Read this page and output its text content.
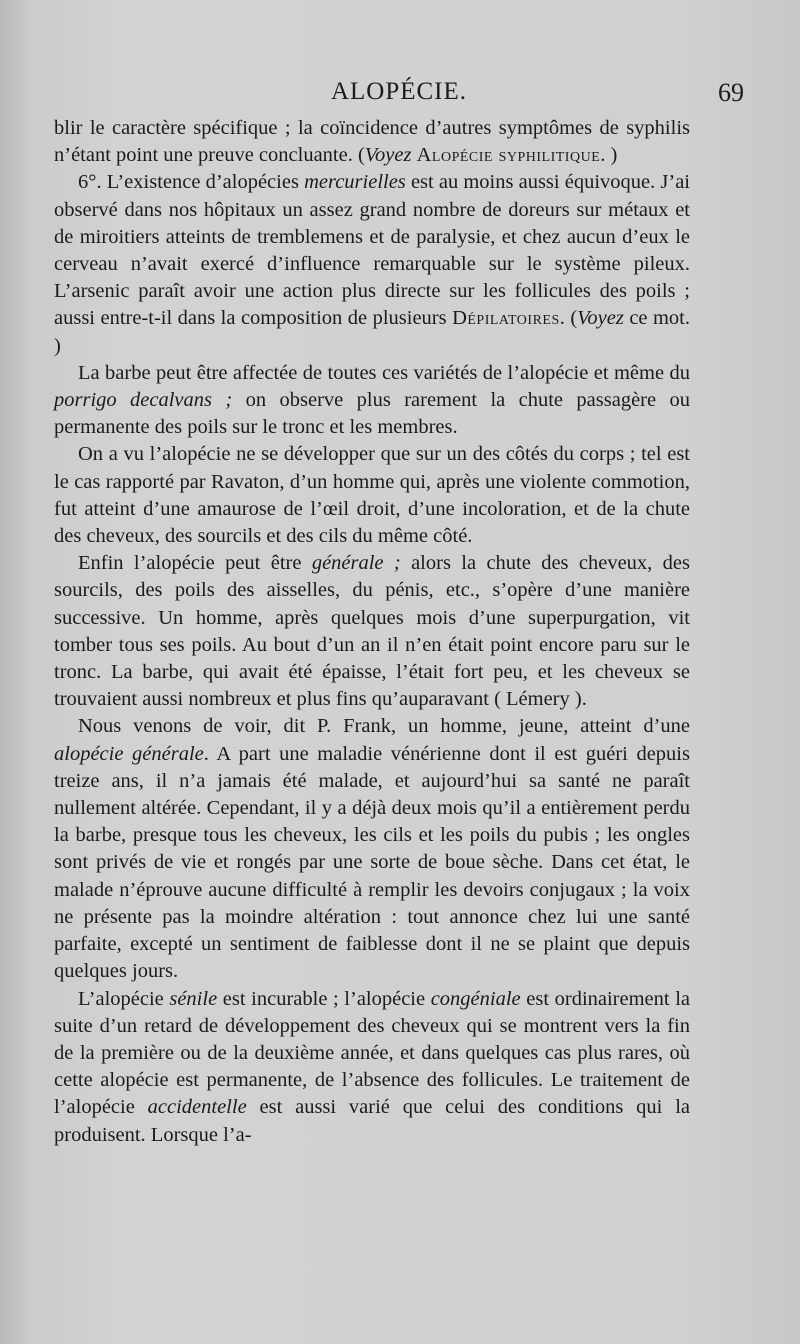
ALOPÉCIE.	69

blir le caractère spécifique ; la coïncidence d’autres symptômes de syphilis n’étant point une preuve concluante. (Voyez Alopécie syphilitique. )

6°. L’existence d’alopécies mercurielles est au moins aussi équivoque. J’ai observé dans nos hôpitaux un assez grand nombre de doreurs sur métaux et de miroitiers atteints de tremblemens et de paralysie, et chez aucun d’eux le cerveau n’avait exercé d’influence remarquable sur le système pileux. L’arsenic paraît avoir une action plus directe sur les follicules des poils ; aussi entre-t-il dans la composition de plusieurs Dépilatoires. (Voyez ce mot. )

La barbe peut être affectée de toutes ces variétés de l’alopécie et même du porrigo decalvans ; on observe plus rarement la chute passagère ou permanente des poils sur le tronc et les membres.

On a vu l’alopécie ne se développer que sur un des côtés du corps ; tel est le cas rapporté par Ravaton, d’un homme qui, après une violente commotion, fut atteint d’une amaurose de l’œil droit, d’une incoloration, et de la chute des cheveux, des sourcils et des cils du même côté.

Enfin l’alopécie peut être générale ; alors la chute des cheveux, des sourcils, des poils des aisselles, du pénis, etc., s’opère d’une manière successive. Un homme, après quelques mois d’une superpurgation, vit tomber tous ses poils. Au bout d’un an il n’en était point encore paru sur le tronc. La barbe, qui avait été épaisse, l’était fort peu, et les cheveux se trouvaient aussi nombreux et plus fins qu’auparavant ( Lémery ).

Nous venons de voir, dit P. Frank, un homme, jeune, atteint d’une alopécie générale. A part une maladie vénérienne dont il est guéri depuis treize ans, il n’a jamais été malade, et aujourd’hui sa santé ne paraît nullement altérée. Cependant, il y a déjà deux mois qu’il a entièrement perdu la barbe, presque tous les cheveux, les cils et les poils du pubis ; les ongles sont privés de vie et rongés par une sorte de boue sèche. Dans cet état, le malade n’éprouve aucune difficulté à remplir les devoirs conjugaux ; la voix ne présente pas la moindre altération : tout annonce chez lui une santé parfaite, excepté un sentiment de faiblesse dont il ne se plaint que depuis quelques jours.

L’alopécie sénile est incurable ; l’alopécie congéniale est ordinairement la suite d’un retard de développement des cheveux qui se montrent vers la fin de la première ou de la deuxième année, et dans quelques cas plus rares, où cette alopécie est permanente, de l’absence des follicules. Le traitement de l’alopécie accidentelle est aussi varié que celui des conditions qui la produisent. Lorsque l’a-
